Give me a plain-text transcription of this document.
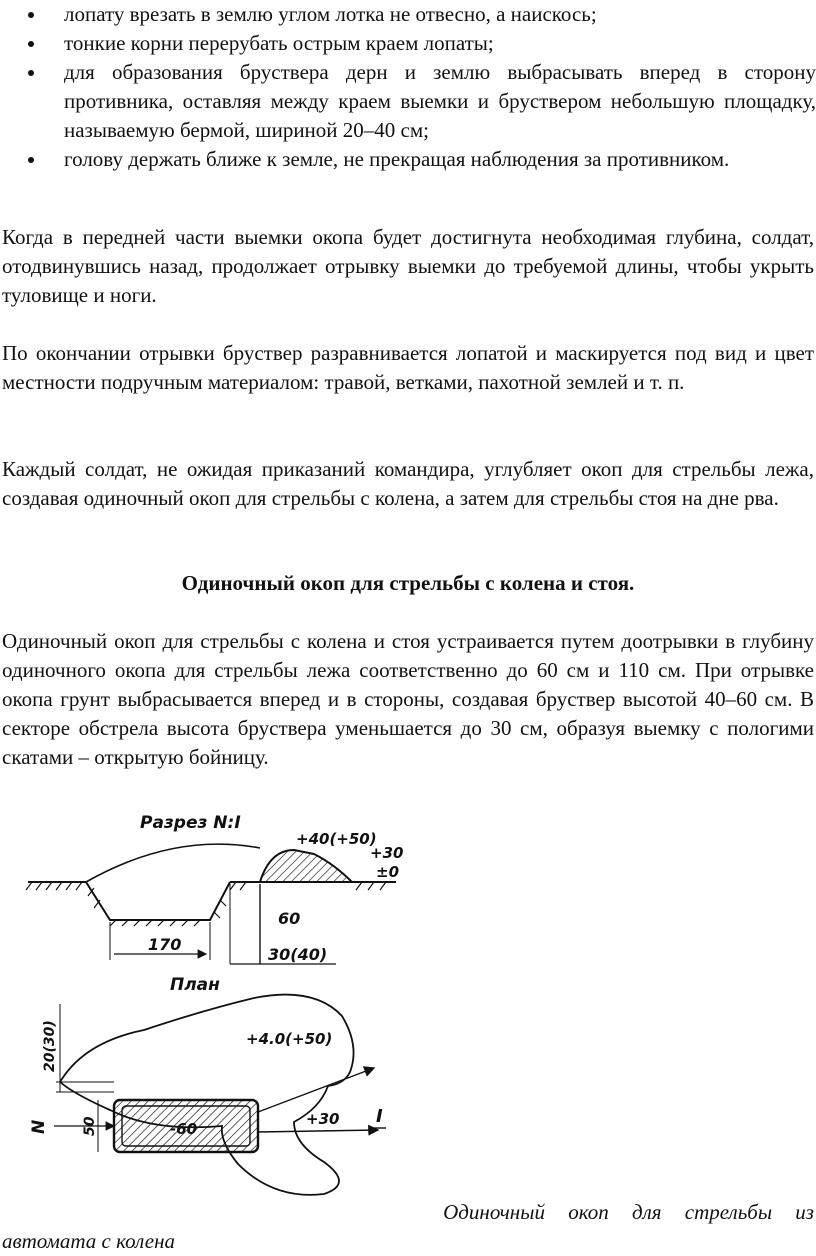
лопату врезать в землю углом лотка не отвесно, а наискось;
тонкие корни перерубать острым краем лопаты;
для образования бруствера дерн и землю выбрасывать вперед в сторону противника, оставляя между краем выемки и бруствером небольшую площадку, называемую бермой, шириной 20–40 см;
голову держать ближе к земле, не прекращая наблюдения за противником.

Когда в передней части выемки окопа будет достигнута необходимая глубина, солдат, отодвинувшись назад, продолжает отрывку выемки до требуемой длины, чтобы укрыть туловище и ноги.

По окончании отрывки бруствер разравнивается лопатой и маскируется под вид и цвет местности подручным материалом: травой, ветками, пахотной землей и т. п.

Каждый солдат, не ожидая приказаний командира, углубляет окоп для стрельбы лежа, создавая одиночный окоп для стрельбы с колена, а затем для стрельбы стоя на дне рва.

Одиночный окоп для стрельбы с колена и стоя.

Одиночный окоп для стрельбы с колена и стоя устраивается путем доотрывки в глубину одиночного окопа для стрельбы лежа соответственно до 60 см и 110 см. При отрывке окопа грунт выбрасывается вперед и в стороны, создавая бруствер высотой 40–60 см. В секторе обстрела высота бруствера уменьшается до 30 см, образуя выемку с пологими скатами – открытую бойницу.

Разрез N:I
+40(+50)
+30
±0
170
60
30(40)
План
+4.0(+50)
-60
+30 I
20(30)
N 50
Одиночный окоп для стрельбы из
автомата с колена
